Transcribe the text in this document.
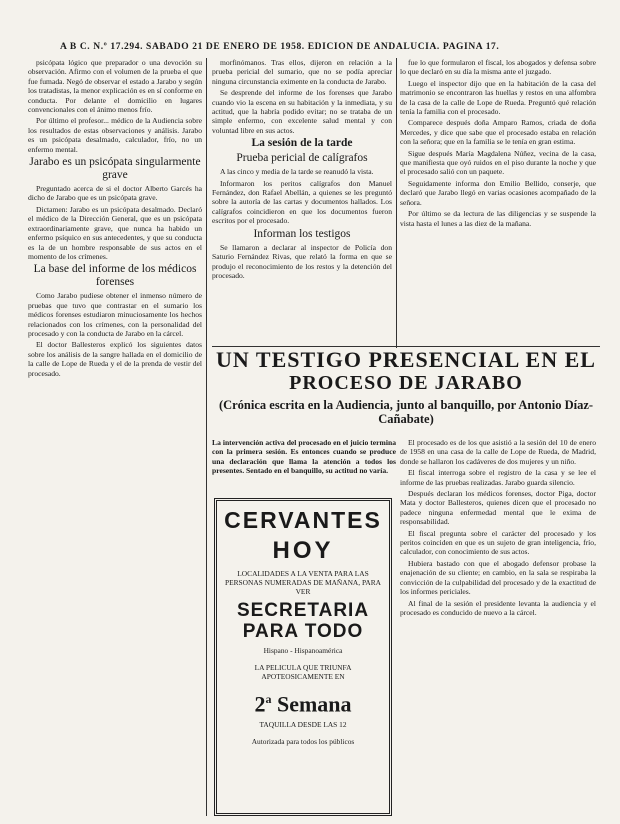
A B C. N.º 17.294. SABADO 21 DE ENERO DE 1958. EDICION DE ANDALUCIA. PAGINA 17.

psicópata lógico que preparador o una devoción su observación. Afirmo con el volumen de la prueba el que fue fumada. Negó de observar el estado a Jarabo y según los tratadistas, la menor explicación es en sí conforme en conducta. Por delante el domicilio en lugares convencionales con el ánimo menos frío.

Por último el profesor... médico de la Audiencia sobre los resultados de estas observaciones y análisis. Jarabo es un psicópata desalmado, calculador, frío, no un enfermo mental.

Jarabo es un psicópata singularmente grave

Preguntado acerca de si el doctor Alberto Garcés ha dicho de Jarabo que es un psicópata grave.

Dictamen: Jarabo es un psicópata desalmado. Declaró el médico de la Dirección General, que es un psicópata extraordinariamente grave, que nunca ha habido un enfermo psíquico en sus antecedentes, y que su conducta es la de un hombre responsable de sus actos en el momento de los crímenes.

La base del informe de los médicos forenses

Como Jarabo pudiese obtener el inmenso número de pruebas que tuvo que contrastar en el sumario los médicos forenses estudiaron minuciosamente los hechos relacionados con los crímenes, con la personalidad del procesado y con la conducta de Jarabo en la cárcel.

El doctor Ballesteros explicó los siguientes datos sobre los análisis de la sangre hallada en el domicilio de la calle de Lope de Rueda y el de la prenda de vestir del procesado.

morfinómanos. Tras ellos, dijeron en relación a la prueba pericial del sumario, que no se podía apreciar ninguna circunstancia eximente en la conducta de Jarabo.

Se desprende del informe de los forenses que Jarabo cuando vio la escena en su habitación y la inmediata, y su actitud, que la habría podido evitar; no se trataba de un simple enfermo, con excelente salud mental y con voluntad libre en sus actos.

La sesión de la tarde

Prueba pericial de calígrafos

A las cinco y media de la tarde se reanudó la vista.

Informaron los peritos calígrafos don Manuel Fernández, don Rafael Abellán, a quienes se les preguntó sobre la autoría de las cartas y documentos hallados. Los calígrafos coincidieron en que los documentos fueron escritos por el procesado.

Informan los testigos

Se llamaron a declarar al inspector de Policía don Saturio Fernández Rivas, que relató la forma en que se produjo el reconocimiento de los restos y la detención del procesado.

fue lo que formularon el fiscal, los abogados y defensa sobre lo que declaró en su día la misma ante el juzgado.

Luego el inspector dijo que en la habitación de la casa del matrimonio se encontraron las huellas y restos en una alfombra de la casa de la calle de Lope de Rueda. Preguntó qué relación tenía la familia con el procesado.

Comparece después doña Amparo Ramos, criada de doña Mercedes, y dice que sabe que el procesado estaba en relación con la señora; que en la familia se le tenía en gran estima.

Sigue después María Magdalena Núñez, vecina de la casa, que manifiesta que oyó ruidos en el piso durante la noche y que el procesado salió con un paquete.

Seguidamente informa don Emilio Bellido, conserje, que declaró que Jarabo llegó en varias ocasiones acompañado de la señora.

Por último se da lectura de las diligencias y se suspende la vista hasta el lunes a las diez de la mañana.

UN TESTIGO PRESENCIAL EN EL
PROCESO DE JARABO
(Crónica escrita en la Audiencia, junto al banquillo, por Antonio Díaz-Cañabate)
La intervención activa del procesado en el juicio termina con la primera sesión. Es entonces cuando se produce una declaración que llama la atención a todos los presentes. Sentado en el banquillo, su actitud no varía.

El procesado es de los que asistió a la sesión del 10 de enero de 1958 en una casa de la calle de Lope de Rueda, de Madrid, donde se hallaron los cadáveres de dos mujeres y un niño.

El fiscal interroga sobre el registro de la casa y se lee el informe de las pruebas realizadas. Jarabo guarda silencio.

Después declaran los médicos forenses, doctor Piga, doctor Mata y doctor Ballesteros, quienes dicen que el procesado no padece ninguna enfermedad mental que le exima de responsabilidad.

El fiscal pregunta sobre el carácter del procesado y los peritos coinciden en que es un sujeto de gran inteligencia, frío, calculador, con conocimiento de sus actos.

Hubiera bastado con que el abogado defensor probase la enajenación de su cliente; en cambio, en la sala se respiraba la convicción de la culpabilidad del procesado y de la exactitud de los informes periciales.

Al final de la sesión el presidente levanta la audiencia y el procesado es conducido de nuevo a la cárcel.

CERVANTES
HOY
LOCALIDADES A LA VENTA PARA LAS PERSONAS NUMERADAS DE MAÑANA, PARA VER
SECRETARIA
PARA TODO
Hispano - Hispanoamérica
LA PELICULA QUE TRIUNFA APOTEOSICAMENTE EN
2$^a$ Semana
TAQUILLA DESDE LAS 12
Autorizada para todos los públicos
